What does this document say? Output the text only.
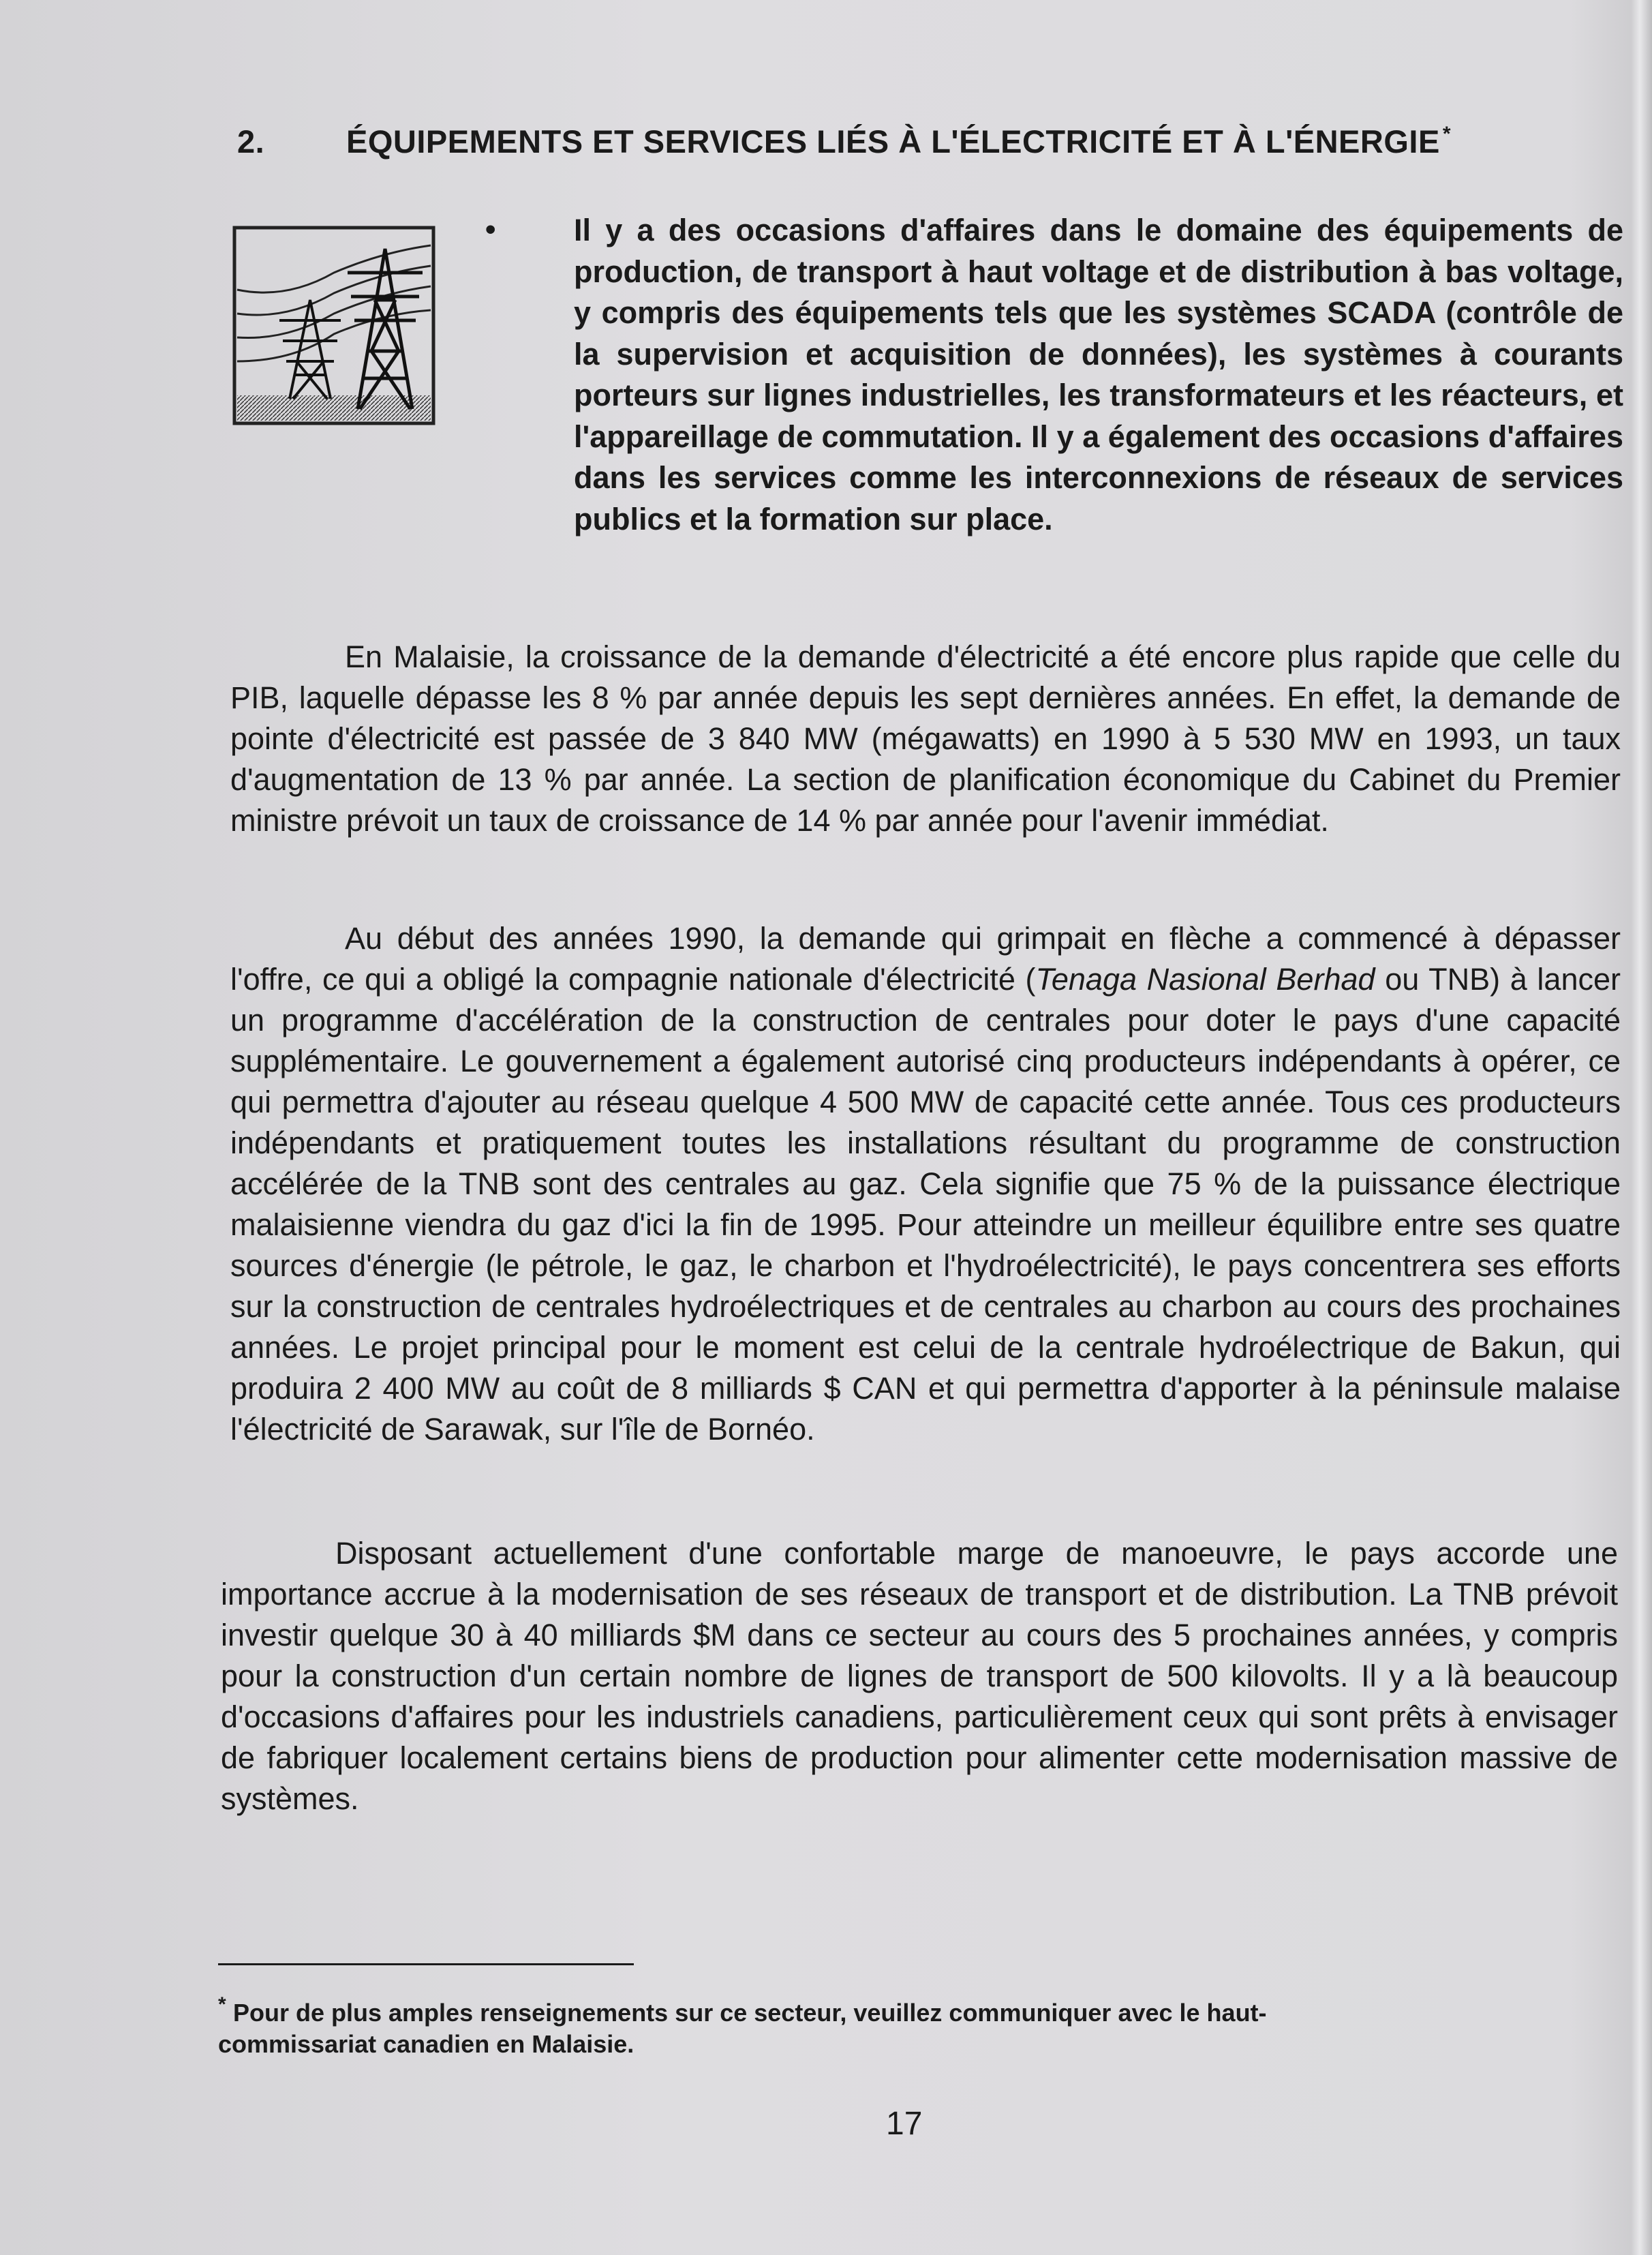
2.	ÉQUIPEMENTS ET SERVICES LIÉS À L'ÉLECTRICITÉ ET À L'ÉNERGIE *
•	Il y a des occasions d'affaires dans le domaine des équipements de production, de transport à haut voltage et de distribution à bas voltage, y compris des équipements tels que les systèmes SCADA (contrôle de la supervision et acquisition de données), les systèmes à courants porteurs sur lignes industrielles, les transformateurs et les réacteurs, et l'appareillage de commutation. Il y a également des occasions d'affaires dans les services comme les interconnexions de réseaux de services publics et la formation sur place.
En Malaisie, la croissance de la demande d'électricité a été encore plus rapide que celle du PIB, laquelle dépasse les 8 % par année depuis les sept dernières années. En effet, la demande de pointe d'électricité est passée de 3 840 MW (mégawatts) en 1990 à 5 530 MW en 1993, un taux d'augmentation de 13 % par année. La section de planification économique du Cabinet du Premier ministre prévoit un taux de croissance de 14 % par année pour l'avenir immédiat.
Au début des années 1990, la demande qui grimpait en flèche a commencé à dépasser l'offre, ce qui a obligé la compagnie nationale d'électricité (Tenaga Nasional Berhad ou TNB) à lancer un programme d'accélération de la construction de centrales pour doter le pays d'une capacité supplémentaire. Le gouvernement a également autorisé cinq producteurs indépendants à opérer, ce qui permettra d'ajouter au réseau quelque 4 500 MW de capacité cette année. Tous ces producteurs indépendants et pratiquement toutes les installations résultant du programme de construction accélérée de la TNB sont des centrales au gaz. Cela signifie que 75 % de la puissance électrique malaisienne viendra du gaz d'ici la fin de 1995. Pour atteindre un meilleur équilibre entre ses quatre sources d'énergie (le pétrole, le gaz, le charbon et l'hydroélectricité), le pays concentrera ses efforts sur la construction de centrales hydroélectriques et de centrales au charbon au cours des prochaines années. Le projet principal pour le moment est celui de la centrale hydroélectrique de Bakun, qui produira 2 400 MW au coût de 8 milliards $ CAN et qui permettra d'apporter à la péninsule malaise l'électricité de Sarawak, sur l'île de Bornéo.
Disposant actuellement d'une confortable marge de manoeuvre, le pays accorde une importance accrue à la modernisation de ses réseaux de transport et de distribution. La TNB prévoit investir quelque 30 à 40 milliards $M dans ce secteur au cours des 5 prochaines années, y compris pour la construction d'un certain nombre de lignes de transport de 500 kilovolts. Il y a là beaucoup d'occasions d'affaires pour les industriels canadiens, particulièrement ceux qui sont prêts à envisager de fabriquer localement certains biens de production pour alimenter cette modernisation massive de systèmes.
* Pour de plus amples renseignements sur ce secteur, veuillez communiquer avec le haut-commissariat canadien en Malaisie.
17
